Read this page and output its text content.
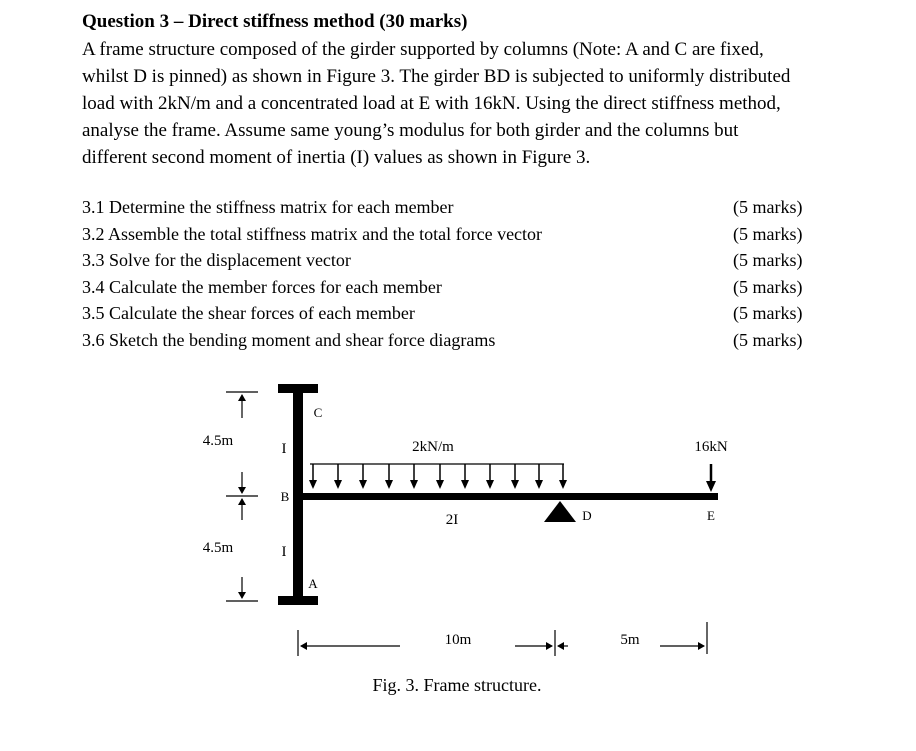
Question 3 – Direct stiffness method (30 marks)
A frame structure composed of the girder supported by columns (Note: A and C are fixed,
whilst D is pinned) as shown in Figure 3. The girder BD is subjected to uniformly distributed
load with 2kN/m and a concentrated load at E with 16kN. Using the direct stiffness method,
analyse the frame. Assume same young’s modulus for both girder and the columns but
different second moment of inertia (I) values as shown in Figure 3.
3.1 Determine the stiffness matrix for each member	(5 marks)
3.2 Assemble the total stiffness matrix and the total force vector	(5 marks)
3.3 Solve for the displacement vector	(5 marks)
3.4 Calculate the member forces for each member	(5 marks)
3.5 Calculate the shear forces of each member	(5 marks)
3.6 Sketch the bending moment and shear force diagrams	(5 marks)
C
B
A
D	E
4.5m
4.5m
I
I
2kN/m	16kN
2I
10m	5m
Fig. 3. Frame structure.
